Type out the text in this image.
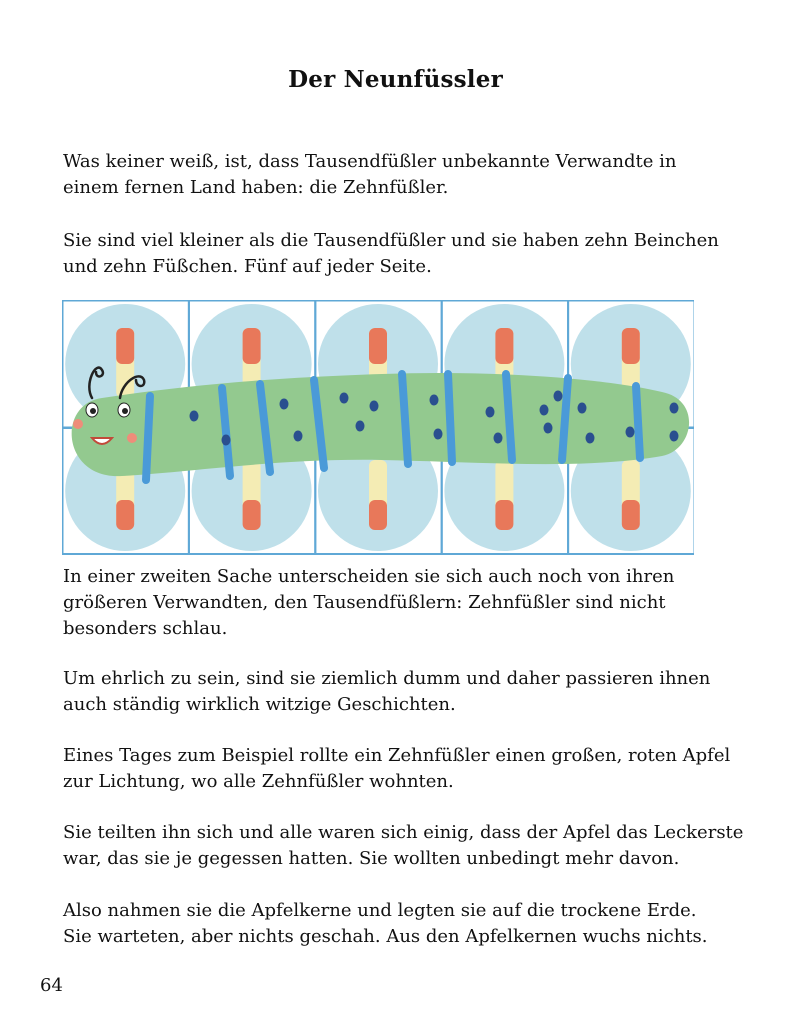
Der Neunfüssler
Was keiner weiß, ist, dass Tausendfüßler unbekannte Verwandte in
einem fernen Land haben: die Zehnfüßler.
Sie sind viel kleiner als die Tausendfüßler und sie haben zehn Beinchen
und zehn Füßchen. Fünf auf jeder Seite.
In einer zweiten Sache unterscheiden sie sich auch noch von ihren
größeren Verwandten, den Tausendfüßlern: Zehnfüßler sind nicht
besonders schlau.
Um ehrlich zu sein, sind sie ziemlich dumm und daher passieren ihnen
auch ständig wirklich witzige Geschichten.
Eines Tages zum Beispiel rollte ein Zehnfüßler einen großen, roten Apfel
zur Lichtung, wo alle Zehnfüßler wohnten.
Sie teilten ihn sich und alle waren sich einig, dass der Apfel das Leckerste
war, das sie je gegessen hatten. Sie wollten unbedingt mehr davon.
Also nahmen sie die Apfelkerne und legten sie auf die trockene Erde.
Sie warteten, aber nichts geschah. Aus den Apfelkernen wuchs nichts.
64
